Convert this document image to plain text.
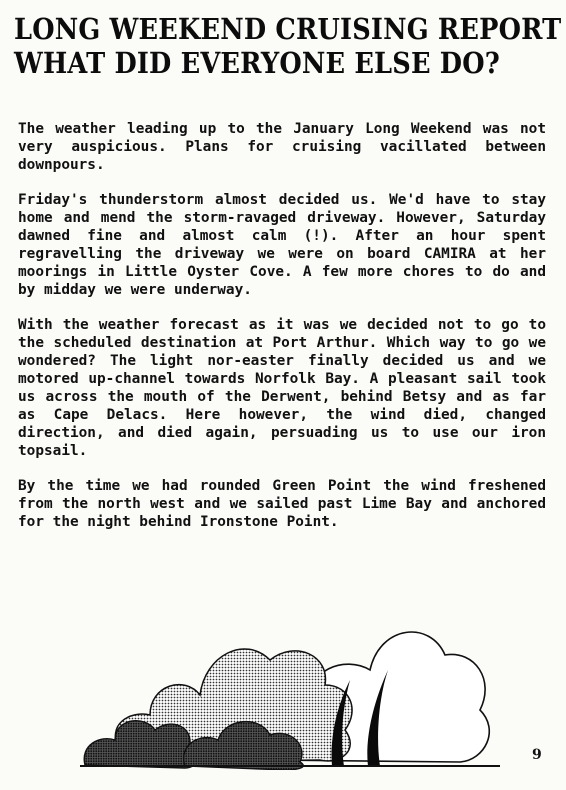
LONG WEEKEND CRUISING REPORT
WHAT DID EVERYONE ELSE DO?

The weather leading up to the January Long Weekend was not very auspicious. Plans for cruising vacillated between downpours.

Friday's thunderstorm almost decided us. We'd have to stay home and mend the storm-ravaged driveway. However, Saturday dawned fine and almost calm (!). After an hour spent regravelling the driveway we were on board CAMIRA at her moorings in Little Oyster Cove. A few more chores to do and by midday we were underway.

With the weather forecast as it was we decided not to go to the scheduled destination at Port Arthur. Which way to go we wondered? The light nor-easter finally decided us and we motored up-channel towards Norfolk Bay. A pleasant sail took us across the mouth of the Derwent, behind Betsy and as far as Cape Delacs. Here however, the wind died, changed direction, and died again, persuading us to use our iron topsail.

By the time we had rounded Green Point the wind freshened from the north west and we sailed past Lime Bay and anchored for the night behind Ironstone Point.

9
